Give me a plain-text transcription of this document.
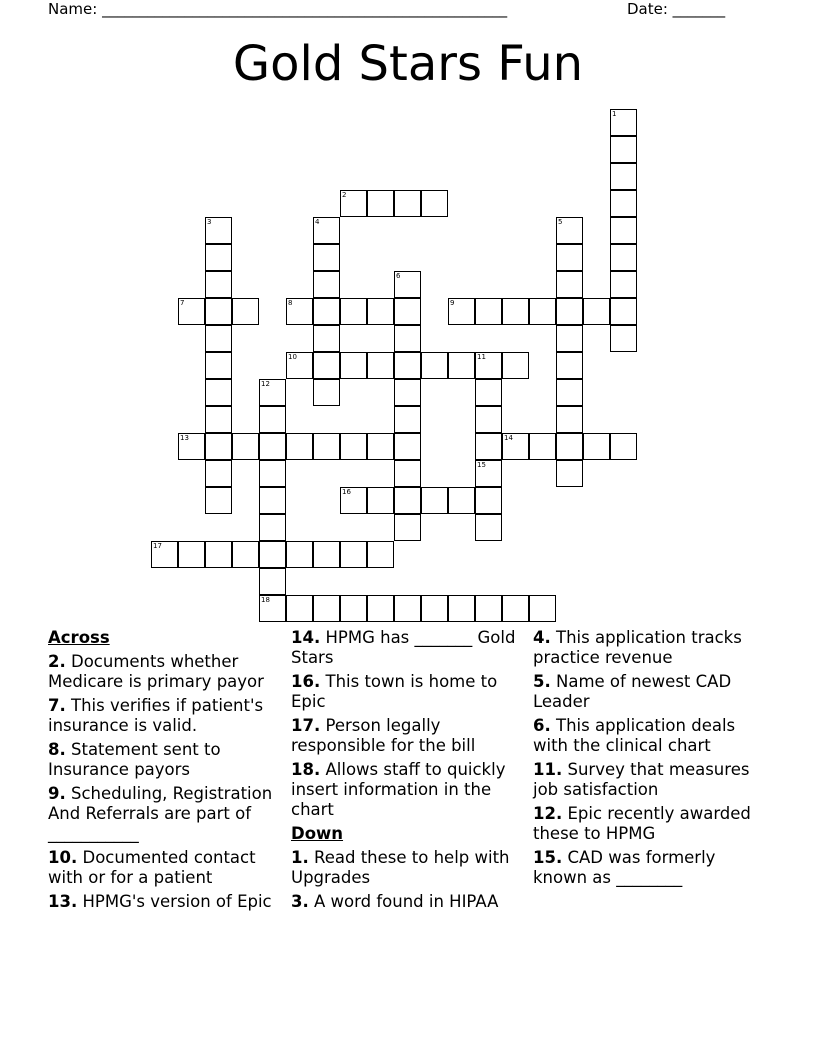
Name: ______________________________________________________	Date: _______
Gold Stars Fun
1
2
3	4	5
6
7	8	9
10	11
12
18
13	14
15
16
17
Across

2. Documents whether Medicare is primary payor

7. This verifies if patient's insurance is valid.

8. Statement sent to Insurance payors

9. Scheduling, Registration And Referrals are part of ___________

10. Documented contact with or for a patient

13. HPMG's version of Epic

14. HPMG has _______ Gold Stars

16. This town is home to Epic

17. Person legally responsible for the bill

18. Allows staff to quickly insert information in the chart

Down

1. Read these to help with Upgrades

3. A word found in HIPAA

4. This application tracks practice revenue

5. Name of newest CAD Leader

6. This application deals with the clinical chart

11. Survey that measures job satisfaction

12. Epic recently awarded these to HPMG

15. CAD was formerly known as ________
